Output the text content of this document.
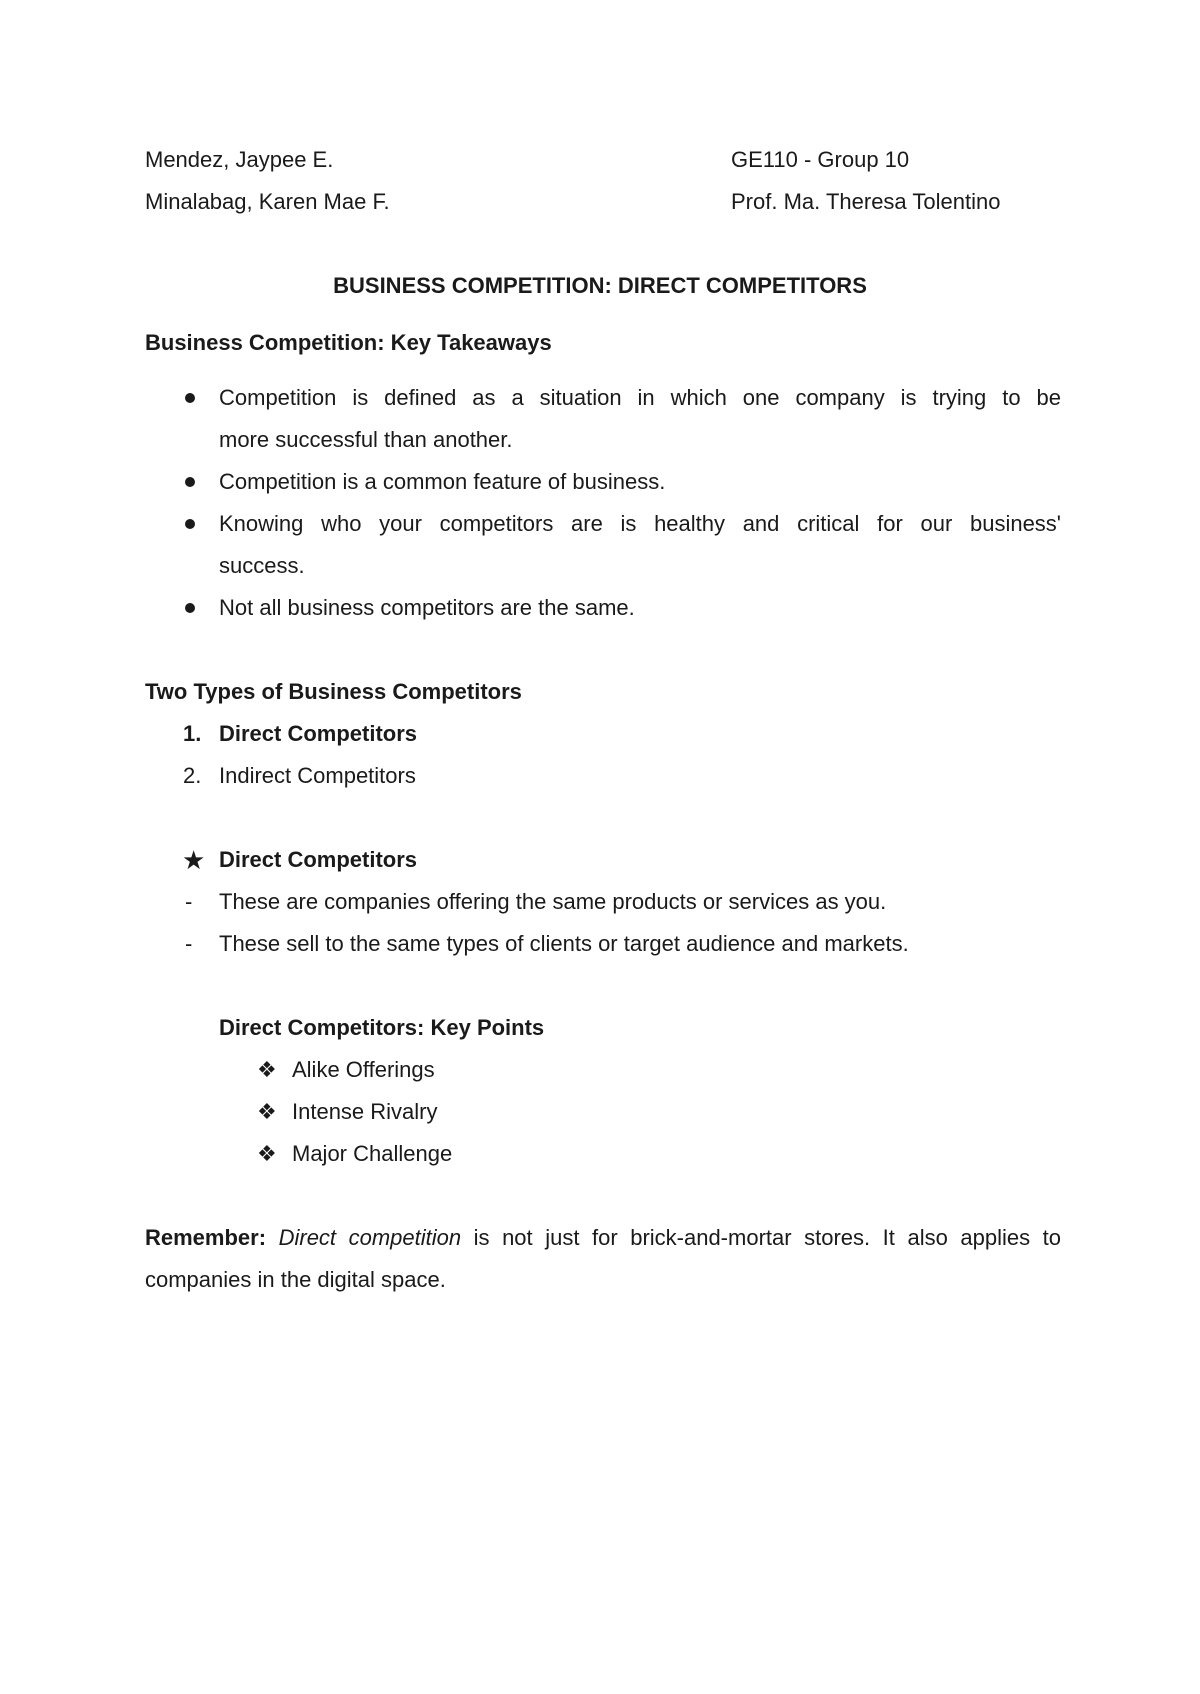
Mendez, Jaypee E.
Minalabag, Karen Mae F.
GE110 - Group 10
Prof. Ma. Theresa Tolentino
BUSINESS COMPETITION: DIRECT COMPETITORS
Business Competition: Key Takeaways
Competition is defined as a situation in which one company is trying to be
more successful than another.
Competition is a common feature of business.
Knowing who your competitors are is healthy and critical for our business'
success.
Not all business competitors are the same.
Two Types of Business Competitors
1. Direct Competitors
2. Indirect Competitors
★ Direct Competitors
- These are companies offering the same products or services as you.
- These sell to the same types of clients or target audience and markets.
Direct Competitors: Key Points
❖ Alike Offerings
❖ Intense Rivalry
❖ Major Challenge
Remember: Direct competition is not just for brick-and-mortar stores. It also applies to companies in the digital space.
